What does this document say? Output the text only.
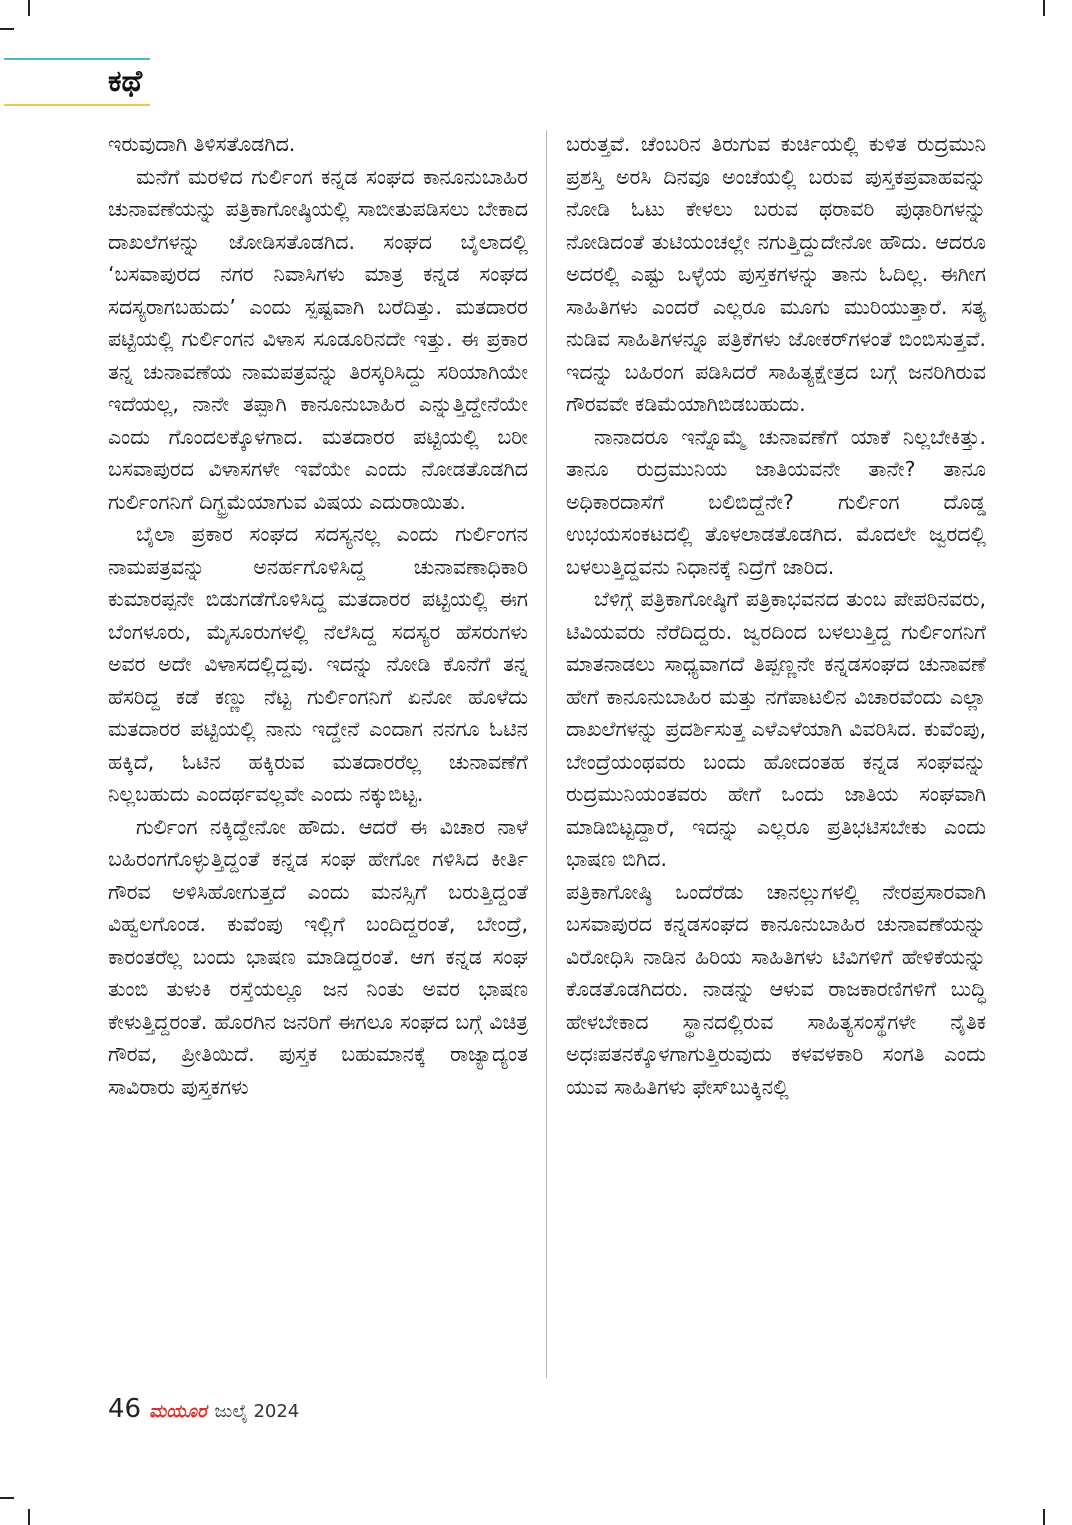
ಕಥೆ

ಇರುವುದಾಗಿ ತಿಳಿಸತೊಡಗಿದ.

ಮನೆಗೆ ಮರಳಿದ ಗುರ್ಲಿಂಗ ಕನ್ನಡ ಸಂಘದ ಕಾನೂನುಬಾಹಿರ ಚುನಾವಣೆಯನ್ನು ಪತ್ರಿಕಾಗೋಷ್ಠಿಯಲ್ಲಿ ಸಾಬೀತುಪಡಿಸಲು ಬೇಕಾದ ದಾಖಲೆಗಳನ್ನು ಜೋಡಿಸತೊಡಗಿದ. ಸಂಘದ ಬೈಲಾದಲ್ಲಿ ‘ಬಸವಾಪುರದ ನಗರ ನಿವಾಸಿಗಳು ಮಾತ್ರ ಕನ್ನಡ ಸಂಘದ ಸದಸ್ಯರಾಗಬಹುದು’ ಎಂದು ಸ್ಪಷ್ಟವಾಗಿ ಬರೆದಿತ್ತು. ಮತದಾರರ ಪಟ್ಟಿಯಲ್ಲಿ ಗುರ್ಲಿಂಗನ ವಿಳಾಸ ಸೂಡೂರಿನದೇ ಇತ್ತು. ಈ ಪ್ರಕಾರ ತನ್ನ ಚುನಾವಣೆಯ ನಾಮಪತ್ರವನ್ನು ತಿರಸ್ಕರಿಸಿದ್ದು ಸರಿಯಾಗಿಯೇ ಇದೆಯಲ್ಲ, ನಾನೇ ತಪ್ಪಾಗಿ ಕಾನೂನುಬಾಹಿರ ಎನ್ನುತ್ತಿದ್ದೇನೆಯೇ ಎಂದು ಗೊಂದಲಕ್ಕೊಳಗಾದ. ಮತದಾರರ ಪಟ್ಟಿಯಲ್ಲಿ ಬರೀ ಬಸವಾಪುರದ ವಿಳಾಸಗಳೇ ಇವೆಯೇ ಎಂದು ನೋಡತೊಡಗಿದ ಗುರ್ಲಿಂಗನಿಗೆ ದಿಗ್ಭ್ರಮೆಯಾಗುವ ವಿಷಯ ಎದುರಾಯಿತು.

ಬೈಲಾ ಪ್ರಕಾರ ಸಂಘದ ಸದಸ್ಯನಲ್ಲ ಎಂದು ಗುರ್ಲಿಂಗನ ನಾಮಪತ್ರವನ್ನು ಅನರ್ಹಗೊಳಿಸಿದ್ದ ಚುನಾವಣಾಧಿಕಾರಿ ಕುಮಾರಪ್ಪನೇ ಬಿಡುಗಡೆಗೊಳಿಸಿದ್ದ ಮತದಾರರ ಪಟ್ಟಿಯಲ್ಲಿ ಈಗ ಬೆಂಗಳೂರು, ಮೈಸೂರುಗಳಲ್ಲಿ ನೆಲೆಸಿದ್ದ ಸದಸ್ಯರ ಹೆಸರುಗಳು ಅವರ ಅದೇ ವಿಳಾಸದಲ್ಲಿದ್ದವು. ಇದನ್ನು ನೋಡಿ ಕೊನೆಗೆ ತನ್ನ ಹೆಸರಿದ್ದ ಕಡೆ ಕಣ್ಣು ನೆಟ್ಟ ಗುರ್ಲಿಂಗನಿಗೆ ಏನೋ ಹೊಳೆದು ಮತದಾರರ ಪಟ್ಟಿಯಲ್ಲಿ ನಾನು ಇದ್ದೇನೆ ಎಂದಾಗ ನನಗೂ ಓಟಿನ ಹಕ್ಕಿದೆ, ಓಟಿನ ಹಕ್ಕಿರುವ ಮತದಾರರೆಲ್ಲ ಚುನಾವಣೆಗೆ ನಿಲ್ಲಬಹುದು ಎಂದರ್ಥವಲ್ಲವೇ ಎಂದು ನಕ್ಕುಬಿಟ್ಟ.

ಗುರ್ಲಿಂಗ ನಕ್ಕಿದ್ದೇನೋ ಹೌದು. ಆದರೆ ಈ ವಿಚಾರ ನಾಳೆ ಬಹಿರಂಗಗೊಳ್ಳುತ್ತಿದ್ದಂತೆ ಕನ್ನಡ ಸಂಘ ಹೇಗೋ ಗಳಿಸಿದ ಕೀರ್ತಿ ಗೌರವ ಅಳಿಸಿಹೋಗುತ್ತದೆ ಎಂದು ಮನಸ್ಸಿಗೆ ಬರುತ್ತಿದ್ದಂತೆ ವಿಹ್ವಲಗೊಂಡ. ಕುವೆಂಪು ಇಲ್ಲಿಗೆ ಬಂದಿದ್ದರಂತೆ, ಬೇಂದ್ರೆ, ಕಾರಂತರೆಲ್ಲ ಬಂದು ಭಾಷಣ ಮಾಡಿದ್ದರಂತೆ. ಆಗ ಕನ್ನಡ ಸಂಘ ತುಂಬಿ ತುಳುಕಿ ರಸ್ತೆಯಲ್ಲೂ ಜನ ನಿಂತು ಅವರ ಭಾಷಣ ಕೇಳುತ್ತಿದ್ದರಂತೆ. ಹೊರಗಿನ ಜನರಿಗೆ ಈಗಲೂ ಸಂಘದ ಬಗ್ಗೆ ವಿಚಿತ್ರ ಗೌರವ, ಪ್ರೀತಿಯಿದೆ. ಪುಸ್ತಕ ಬಹುಮಾನಕ್ಕೆ ರಾಜ್ಯಾದ್ಯಂತ ಸಾವಿರಾರು ಪುಸ್ತಕಗಳು

ಬರುತ್ತವೆ. ಚೆಂಬರಿನ ತಿರುಗುವ ಕುರ್ಚಿಯಲ್ಲಿ ಕುಳಿತ ರುದ್ರಮುನಿ ಪ್ರಶಸ್ತಿ ಅರಸಿ ದಿನವೂ ಅಂಚೆಯಲ್ಲಿ ಬರುವ ಪುಸ್ತಕಪ್ರವಾಹವನ್ನು ನೋಡಿ ಓಟು ಕೇಳಲು ಬರುವ ಥರಾವರಿ ಪುಢಾರಿಗಳನ್ನು ನೋಡಿದಂತೆ ತುಟಿಯಂಚಲ್ಲೇ ನಗುತ್ತಿದ್ದುದೇನೋ ಹೌದು. ಆದರೂ ಅದರಲ್ಲಿ ಎಷ್ಟು ಒಳ್ಳೆಯ ಪುಸ್ತಕಗಳನ್ನು ತಾನು ಓದಿಲ್ಲ. ಈಗೀಗ ಸಾಹಿತಿಗಳು ಎಂದರೆ ಎಲ್ಲರೂ ಮೂಗು ಮುರಿಯುತ್ತಾರೆ. ಸತ್ಯ ನುಡಿವ ಸಾಹಿತಿಗಳನ್ನೂ ಪತ್ರಿಕೆಗಳು ಜೋಕರ್‌ಗಳಂತೆ ಬಿಂಬಿಸುತ್ತವೆ. ಇದನ್ನು ಬಹಿರಂಗ ಪಡಿಸಿದರೆ ಸಾಹಿತ್ಯಕ್ಷೇತ್ರದ ಬಗ್ಗೆ ಜನರಿಗಿರುವ ಗೌರವವೇ ಕಡಿಮೆಯಾಗಿಬಿಡಬಹುದು.

ನಾನಾದರೂ ಇನ್ನೊಮ್ಮೆ ಚುನಾವಣೆಗೆ ಯಾಕೆ ನಿಲ್ಲಬೇಕಿತ್ತು. ತಾನೂ ರುದ್ರಮುನಿಯ ಜಾತಿಯವನೇ ತಾನೇ? ತಾನೂ ಅಧಿಕಾರದಾಸೆಗೆ ಬಲಿಬಿದ್ದೆನೇ? ಗುರ್ಲಿಂಗ ದೊಡ್ಡ ಉಭಯಸಂಕಟದಲ್ಲಿ ತೊಳಲಾಡತೊಡಗಿದ. ಮೊದಲೇ ಜ್ವರದಲ್ಲಿ ಬಳಲುತ್ತಿದ್ದವನು ನಿಧಾನಕ್ಕೆ ನಿದ್ರೆಗೆ ಜಾರಿದ.

ಬೆಳಿಗ್ಗೆ ಪತ್ರಿಕಾಗೋಷ್ಠಿಗೆ ಪತ್ರಿಕಾಭವನದ ತುಂಬ ಪೇಪರಿನವರು, ಟಿವಿಯವರು ನೆರೆದಿದ್ದರು. ಜ್ವರದಿಂದ ಬಳಲುತ್ತಿದ್ದ ಗುರ್ಲಿಂಗನಿಗೆ ಮಾತನಾಡಲು ಸಾಧ್ಯವಾಗದೆ ತಿಪ್ಪಣ್ಣನೇ ಕನ್ನಡಸಂಘದ ಚುನಾವಣೆ ಹೇಗೆ ಕಾನೂನುಬಾಹಿರ ಮತ್ತು ನಗೆಪಾಟಲಿನ ವಿಚಾರವೆಂದು ಎಲ್ಲಾ ದಾಖಲೆಗಳನ್ನು ಪ್ರದರ್ಶಿಸುತ್ತ ಎಳೆಎಳೆಯಾಗಿ ವಿವರಿಸಿದ. ಕುವೆಂಪು, ಬೇಂದ್ರೆಯಂಥವರು ಬಂದು ಹೋದಂತಹ ಕನ್ನಡ ಸಂಘವನ್ನು ರುದ್ರಮುನಿಯಂತವರು ಹೇಗೆ ಒಂದು ಜಾತಿಯ ಸಂಘವಾಗಿ ಮಾಡಿಬಿಟ್ಟದ್ದಾರೆ, ಇದನ್ನು ಎಲ್ಲರೂ ಪ್ರತಿಭಟಿಸಬೇಕು ಎಂದು ಭಾಷಣ ಬಿಗಿದ.

ಪತ್ರಿಕಾಗೋಷ್ಠಿ ಒಂದೆರೆಡು ಚಾನಲ್ಲುಗಳಲ್ಲಿ ನೇರಪ್ರಸಾರವಾಗಿ ಬಸವಾಪುರದ ಕನ್ನಡಸಂಘದ ಕಾನೂನುಬಾಹಿರ ಚುನಾವಣೆಯನ್ನು ವಿರೋಧಿಸಿ ನಾಡಿನ ಹಿರಿಯ ಸಾಹಿತಿಗಳು ಟಿವಿಗಳಿಗೆ ಹೇಳಿಕೆಯನ್ನು ಕೊಡತೊಡಗಿದರು. ನಾಡನ್ನು ಆಳುವ ರಾಜಕಾರಣಿಗಳಿಗೆ ಬುದ್ಧಿ ಹೇಳಬೇಕಾದ ಸ್ಥಾನದಲ್ಲಿರುವ ಸಾಹಿತ್ಯಸಂಸ್ಥೆಗಳೇ ನೈತಿಕ ಅಧಃಪತನಕ್ಕೊಳಗಾಗುತ್ತಿರುವುದು ಕಳವಳಕಾರಿ ಸಂಗತಿ ಎಂದು ಯುವ ಸಾಹಿತಿಗಳು ಫೇಸ್‌ಬುಕ್ಕಿನಲ್ಲಿ

46 ಮಯೂರ ಜುಲೈ 2024
